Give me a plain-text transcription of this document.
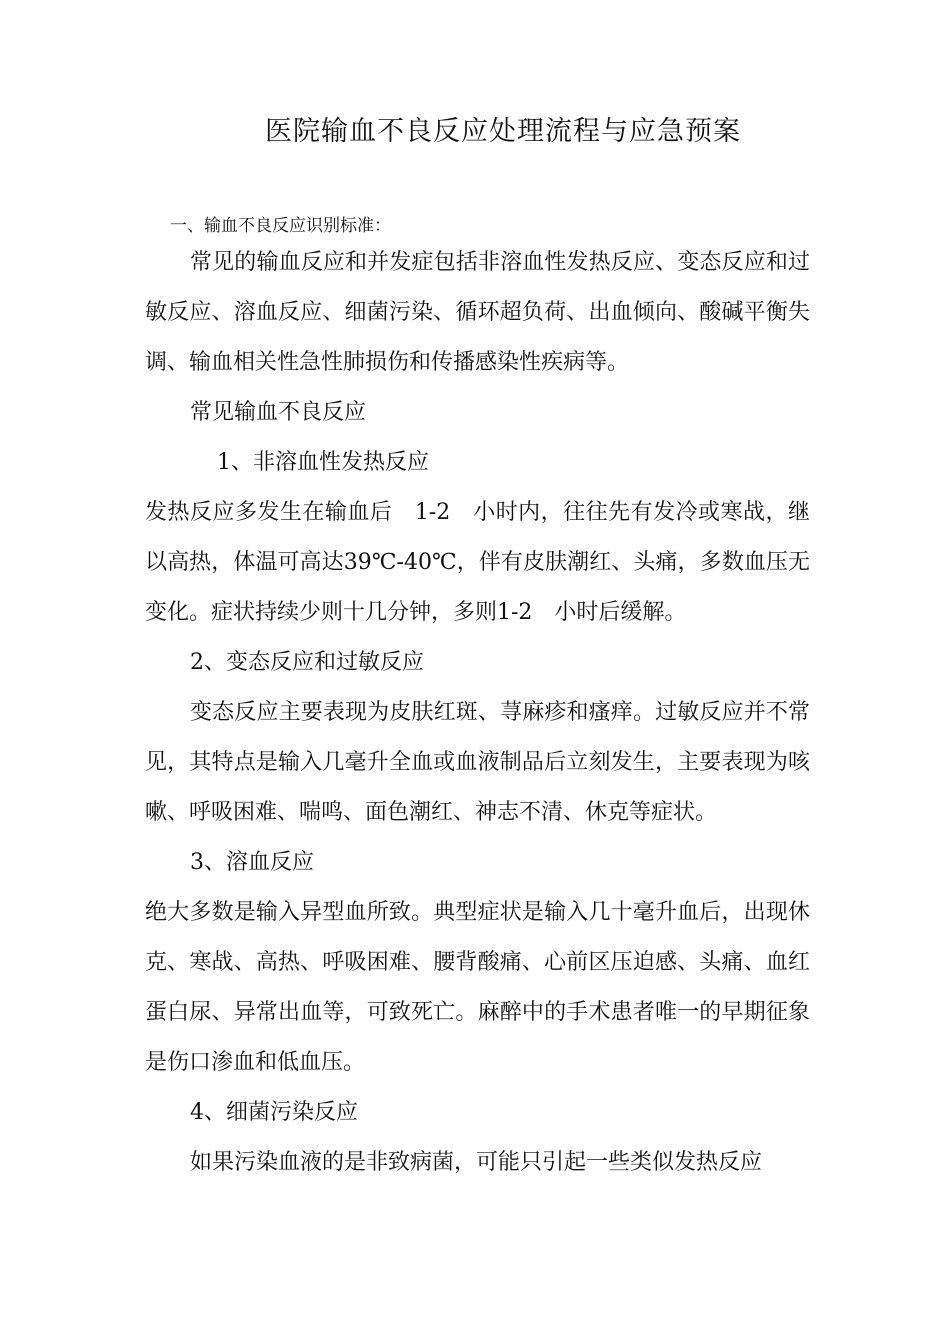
医院输血不良反应处理流程与应急预案
一、输血不良反应识别标准：

常见的输血反应和并发症包括非溶血性发热反应、变态反应和过敏反应、溶血反应、细菌污染、循环超负荷、出血倾向、酸碱平衡失调、输血相关性急性肺损伤和传播感染性疾病等。

常见输血不良反应

1、非溶血性发热反应

发热反应多发生在输血后　1-2　小时内，往往先有发冷或寒战，继以高热，体温可高达39℃-40℃，伴有皮肤潮红、头痛，多数血压无变化。症状持续少则十几分钟，多则1-2　小时后缓解。

2、变态反应和过敏反应

变态反应主要表现为皮肤红斑、荨麻疹和瘙痒。过敏反应并不常见，其特点是输入几毫升全血或血液制品后立刻发生，主要表现为咳嗽、呼吸困难、喘鸣、面色潮红、神志不清、休克等症状。

3、溶血反应

绝大多数是输入异型血所致。典型症状是输入几十毫升血后，出现休克、寒战、高热、呼吸困难、腰背酸痛、心前区压迫感、头痛、血红蛋白尿、异常出血等，可致死亡。麻醉中的手术患者唯一的早期征象是伤口渗血和低血压。

4、细菌污染反应

如果污染血液的是非致病菌，可能只引起一些类似发热反应
